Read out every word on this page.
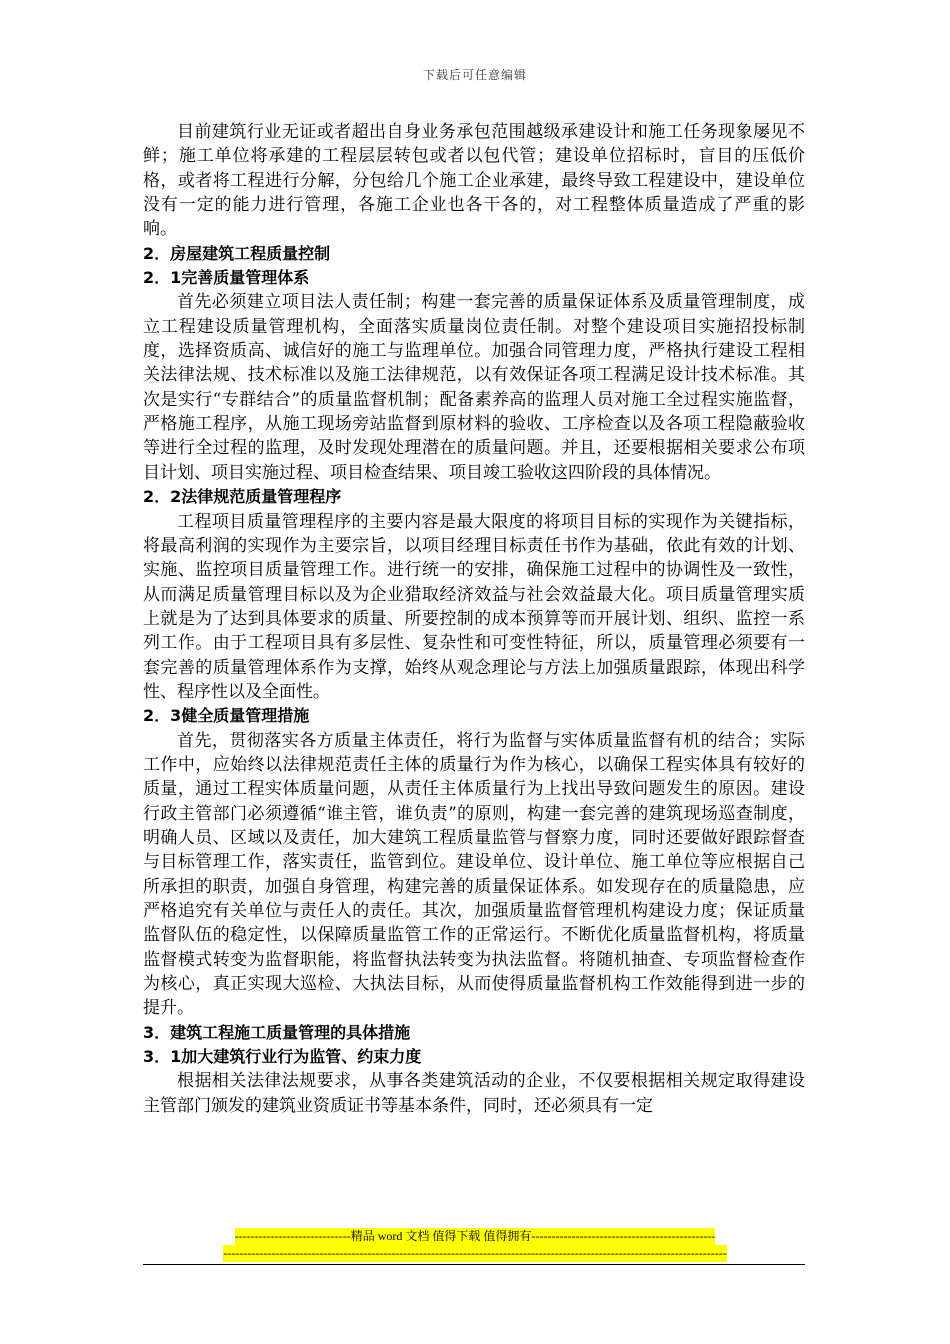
下载后可任意编辑

目前建筑行业无证或者超出自身业务承包范围越级承建设计和施工任务现象屡见不鲜；施工单位将承建的工程层层转包或者以包代管；建设单位招标时，盲目的压低价格，或者将工程进行分解，分包给几个施工企业承建，最终导致工程建设中，建设单位没有一定的能力进行管理，各施工企业也各干各的，对工程整体质量造成了严重的影响。

2．房屋建筑工程质量控制

2．1完善质量管理体系

首先必须建立项目法人责任制；构建一套完善的质量保证体系及质量管理制度，成立工程建设质量管理机构，全面落实质量岗位责任制。对整个建设项目实施招投标制度，选择资质高、诚信好的施工与监理单位。加强合同管理力度，严格执行建设工程相关法律法规、技术标准以及施工法律规范，以有效保证各项工程满足设计技术标准。其次是实行“专群结合”的质量监督机制；配备素养高的监理人员对施工全过程实施监督，严格施工程序，从施工现场旁站监督到原材料的验收、工序检查以及各项工程隐蔽验收等进行全过程的监理，及时发现处理潜在的质量问题。并且，还要根据相关要求公布项目计划、项目实施过程、项目检查结果、项目竣工验收这四阶段的具体情况。

2．2法律规范质量管理程序

工程项目质量管理程序的主要内容是最大限度的将项目目标的实现作为关键指标，将最高利润的实现作为主要宗旨，以项目经理目标责任书作为基础，依此有效的计划、实施、监控项目质量管理工作。进行统一的安排，确保施工过程中的协调性及一致性，从而满足质量管理目标以及为企业猎取经济效益与社会效益最大化。项目质量管理实质上就是为了达到具体要求的质量、所要控制的成本预算等而开展计划、组织、监控一系列工作。由于工程项目具有多层性、复杂性和可变性特征，所以，质量管理必须要有一套完善的质量管理体系作为支撑，始终从观念理论与方法上加强质量跟踪，体现出科学性、程序性以及全面性。

2．3健全质量管理措施

首先，贯彻落实各方质量主体责任，将行为监督与实体质量监督有机的结合；实际工作中，应始终以法律规范责任主体的质量行为作为核心，以确保工程实体具有较好的质量，通过工程实体质量问题，从责任主体质量行为上找出导致问题发生的原因。建设行政主管部门必须遵循“谁主管，谁负责”的原则，构建一套完善的建筑现场巡查制度，明确人员、区域以及责任，加大建筑工程质量监管与督察力度，同时还要做好跟踪督查与目标管理工作，落实责任，监管到位。建设单位、设计单位、施工单位等应根据自己所承担的职责，加强自身管理，构建完善的质量保证体系。如发现存在的质量隐患，应严格追究有关单位与责任人的责任。其次，加强质量监督管理机构建设力度；保证质量监督队伍的稳定性，以保障质量监管工作的正常运行。不断优化质量监督机构，将质量监督模式转变为监督职能，将监督执法转变为执法监督。将随机抽查、专项监督检查作为核心，真正实现大巡检、大执法目标，从而使得质量监督机构工作效能得到进一步的提升。

3．建筑工程施工质量管理的具体措施

3．1加大建筑行业行为监管、约束力度

根据相关法律法规要求，从事各类建筑活动的企业，不仅要根据相关规定取得建设主管部门颁发的建筑业资质证书等基本条件，同时，还必须具有一定

-----------------------------精品 word 文档 值得下载 值得拥有----------------------------------------------
------------------------------------------------------------------------------------------------------------------------------
